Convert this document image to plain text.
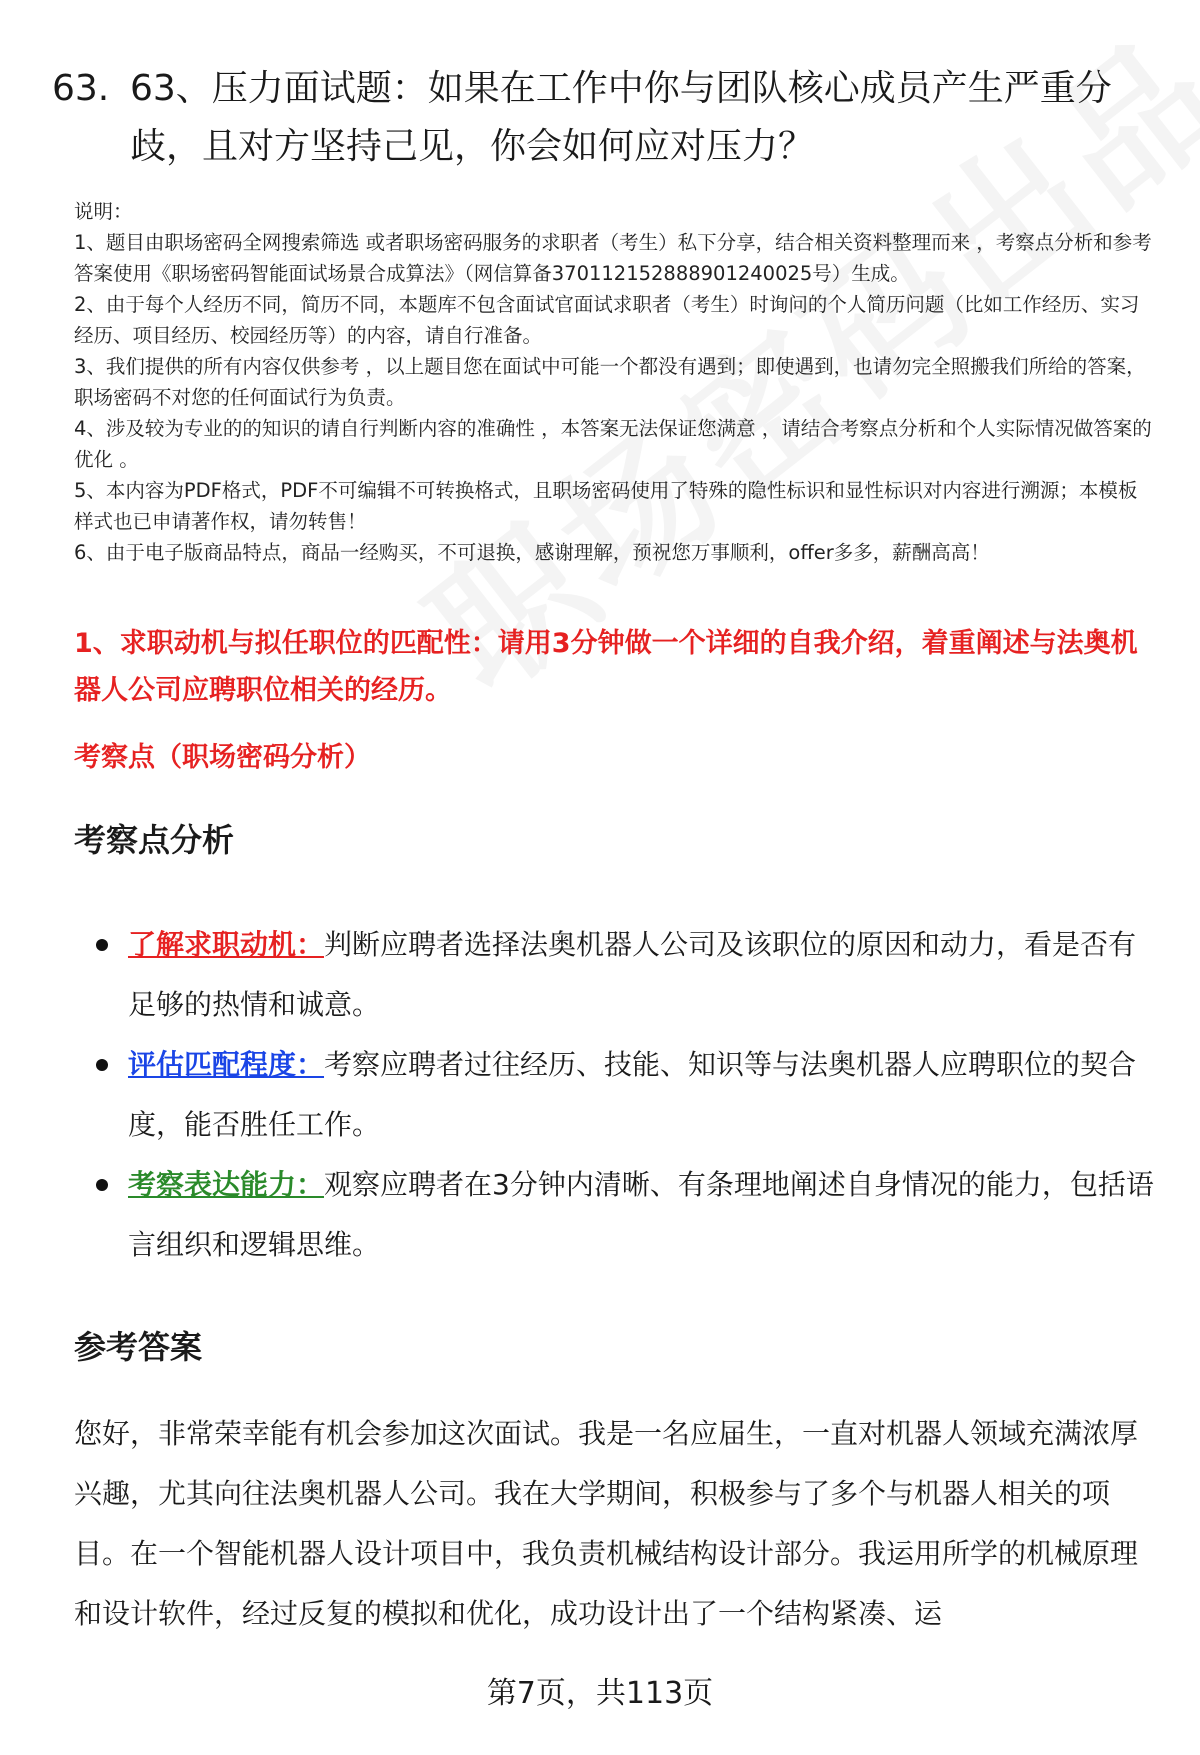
63. 63、压力面试题：如果在工作中你与团队核心成员产生严重分歧，且对方坚持己见，你会如何应对压力？

说明：

1、题目由职场密码全网搜索筛选 或者职场密码服务的求职者（考生）私下分享，结合相关资料整理而来 ，考察点分析和参考答案使用《职场密码智能面试场景合成算法》（网信算备370112152888901240025号）生成。

2、由于每个人经历不同，简历不同，本题库不包含面试官面试求职者（考生）时询问的个人简历问题（比如工作经历、实习经历、项目经历、校园经历等）的内容，请自行准备。

3、我们提供的所有内容仅供参考 ，以上题目您在面试中可能一个都没有遇到；即使遇到，也请勿完全照搬我们所给的答案，职场密码不对您的任何面试行为负责。

4、涉及较为专业的的知识的请自行判断内容的准确性 ，本答案无法保证您满意 ，请结合考察点分析和个人实际情况做答案的优化 。

5、本内容为PDF格式，PDF不可编辑不可转换格式，且职场密码使用了特殊的隐性标识和显性标识对内容进行溯源；本模板样式也已申请著作权，请勿转售！

6、由于电子版商品特点，商品一经购买，不可退换，感谢理解，预祝您万事顺利，offer多多，薪酬高高！

1、求职动机与拟任职位的匹配性：请用3分钟做一个详细的自我介绍，着重阐述与法奥机器人公司应聘职位相关的经历。
考察点（职场密码分析）
考察点分析
了解求职动机：判断应聘者选择法奥机器人公司及该职位的原因和动力，看是否有足够的热情和诚意。
评估匹配程度：考察应聘者过往经历、技能、知识等与法奥机器人应聘职位的契合度，能否胜任工作。
考察表达能力：观察应聘者在3分钟内清晰、有条理地阐述自身情况的能力，包括语言组织和逻辑思维。
参考答案
您好，非常荣幸能有机会参加这次面试。我是一名应届生，一直对机器人领域充满浓厚兴趣，尤其向往法奥机器人公司。我在大学期间，积极参与了多个与机器人相关的项目。在一个智能机器人设计项目中，我负责机械结构设计部分。我运用所学的机械原理和设计软件，经过反复的模拟和优化，成功设计出了一个结构紧凑、运
第7页，共113页
